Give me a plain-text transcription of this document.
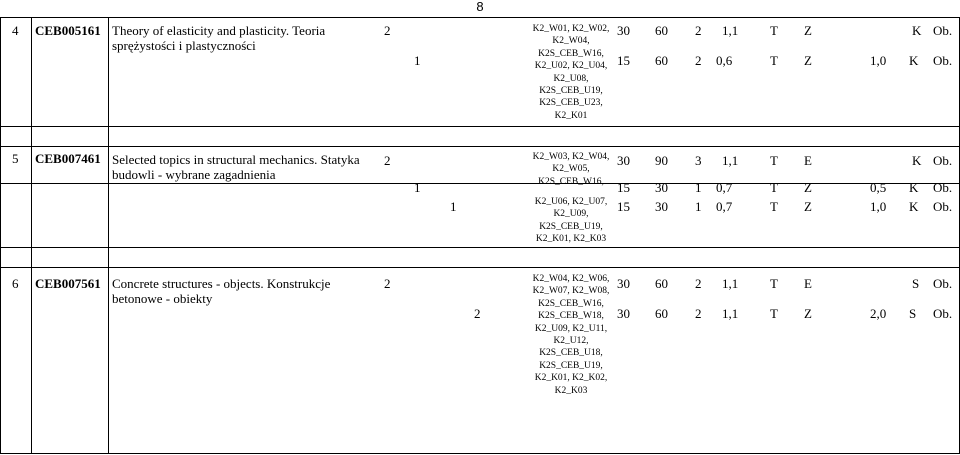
8
4 CEB005161 Theory of elasticity and plasticity. Teoria sprężystości i plastyczności
K2_W01, K2_W02, K2_W04, K2S_CEB_W16, K2_U02, K2_U04, K2_U08, K2S_CEB_U19, K2S_CEB_U23, K2_K01
2	30 60 2 1,1 T Z	K Ob.
1	15 60 2 0,6	T Z	1,0 K Ob.
5 CEB007461 Selected topics in structural mechanics. Statyka budowli - wybrane zagadnienia
K2_W03, K2_W04, K2_W05, K2S_CEB_W16,
K2_U06, K2_U07, K2_U09, K2S_CEB_U19, K2_K01, K2_K03
2	30 90 3 1,1 T E	K Ob.
1	15 30 1 0,7	T Z	0,5 K Ob.
1	15 30 1 0,7	T Z	1,0 K Ob.
6 CEB007561 Concrete structures - objects. Konstrukcje betonowe - obiekty
K2_W04, K2_W06, K2_W07, K2_W08, K2S_CEB_W16, K2S_CEB_W18, K2_U09, K2_U11, K2_U12, K2S_CEB_U18, K2S_CEB_U19, K2_K01, K2_K02, K2_K03
2	30 60 2 1,1 T E	S Ob.
2	30 60 2 1,1 T Z	2,0 S Ob.
